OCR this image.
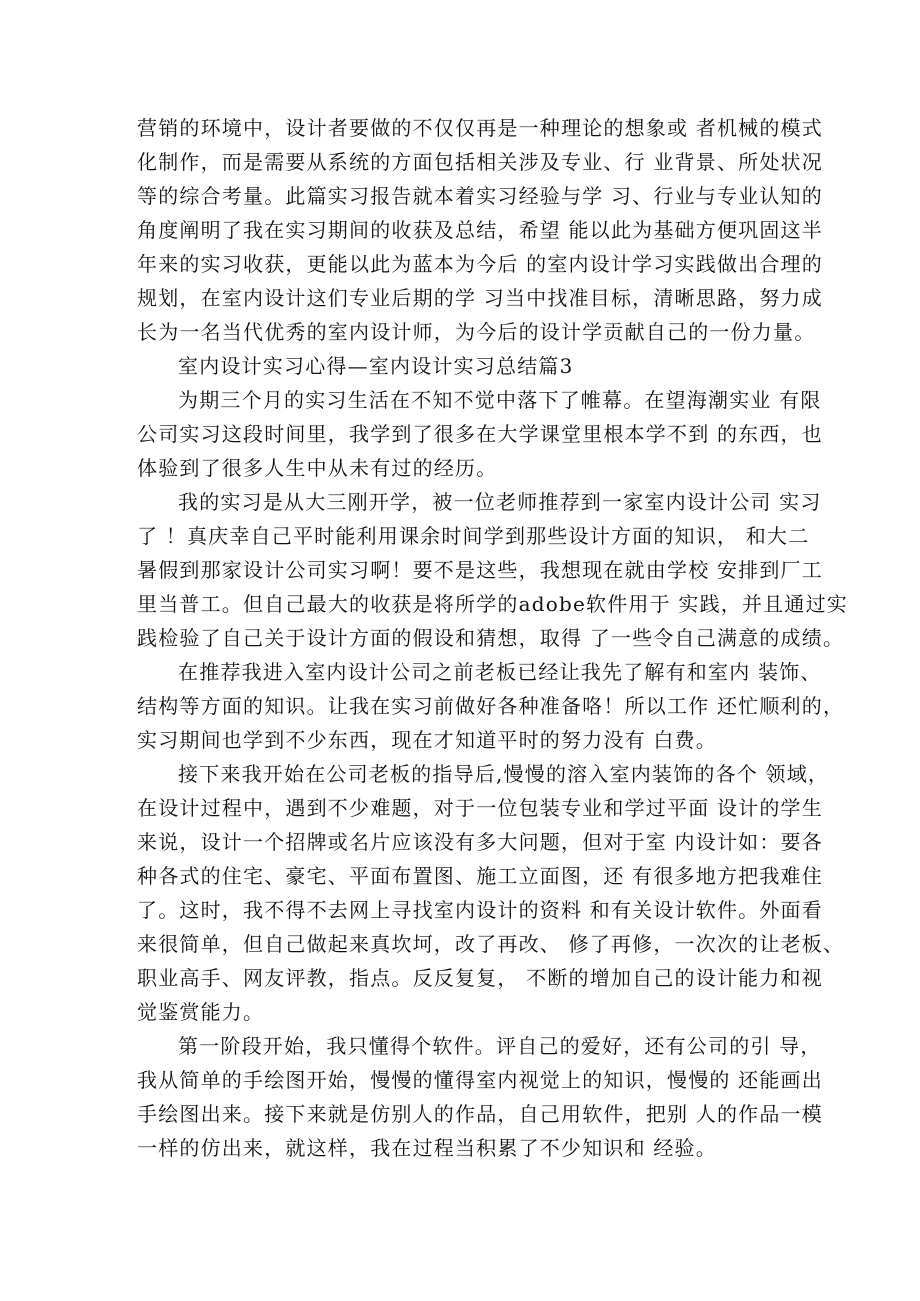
营销的环境中，设计者要做的不仅仅再是一种理论的想象或 者机械的模式
化制作，而是需要从系统的方面包括相关涉及专业、行 业背景、所处状况
等的综合考量。此篇实习报告就本着实习经验与学 习、行业与专业认知的
角度阐明了我在实习期间的收获及总结，希望 能以此为基础方便巩固这半
年来的实习收获，更能以此为蓝本为今后 的室内设计学习实践做出合理的
规划，在室内设计这们专业后期的学 习当中找准目标，清晰思路，努力成
长为一名当代优秀的室内设计师，为今后的设计学贡献自己的一份力量。
室内设计实习心得—室内设计实习总结篇3
为期三个月的实习生活在不知不觉中落下了帷幕。在望海潮实业 有限
公司实习这段时间里，我学到了很多在大学课堂里根本学不到 的东西，也
体验到了很多人生中从未有过的经历。
我的实习是从大三刚开学，被一位老师推荐到一家室内设计公司 实习
了 ！真庆幸自己平时能利用课余时间学到那些设计方面的知识， 和大二
暑假到那家设计公司实习啊！要不是这些，我想现在就由学校 安排到厂工
里当普工。但自己最大的收获是将所学的adobe软件用于 实践，并且通过实
践检验了自己关于设计方面的假设和猜想，取得 了一些令自己满意的成绩。
在推荐我进入室内设计公司之前老板已经让我先了解有和室内 装饰、
结构等方面的知识。让我在实习前做好各种准备咯！所以工作 还忙顺利的，
实习期间也学到不少东西，现在才知道平时的努力没有 白费。
接下来我开始在公司老板的指导后,慢慢的溶入室内装饰的各个 领域，
在设计过程中，遇到不少难题，对于一位包装专业和学过平面 设计的学生
来说，设计一个招牌或名片应该没有多大问题，但对于室 内设计如：要各
种各式的住宅、豪宅、平面布置图、施工立面图，还 有很多地方把我难住
了。这时，我不得不去网上寻找室内设计的资料 和有关设计软件。外面看
来很简单，但自己做起来真坎坷，改了再改、 修了再修，一次次的让老板、
职业高手、网友评教，指点。反反复复， 不断的增加自己的设计能力和视
觉鉴赏能力。
第一阶段开始，我只懂得个软件。评自己的爱好，还有公司的引 导，
我从简单的手绘图开始，慢慢的懂得室内视觉上的知识，慢慢的 还能画出
手绘图出来。接下来就是仿别人的作品，自己用软件，把别 人的作品一模
一样的仿出来，就这样，我在过程当积累了不少知识和 经验。
